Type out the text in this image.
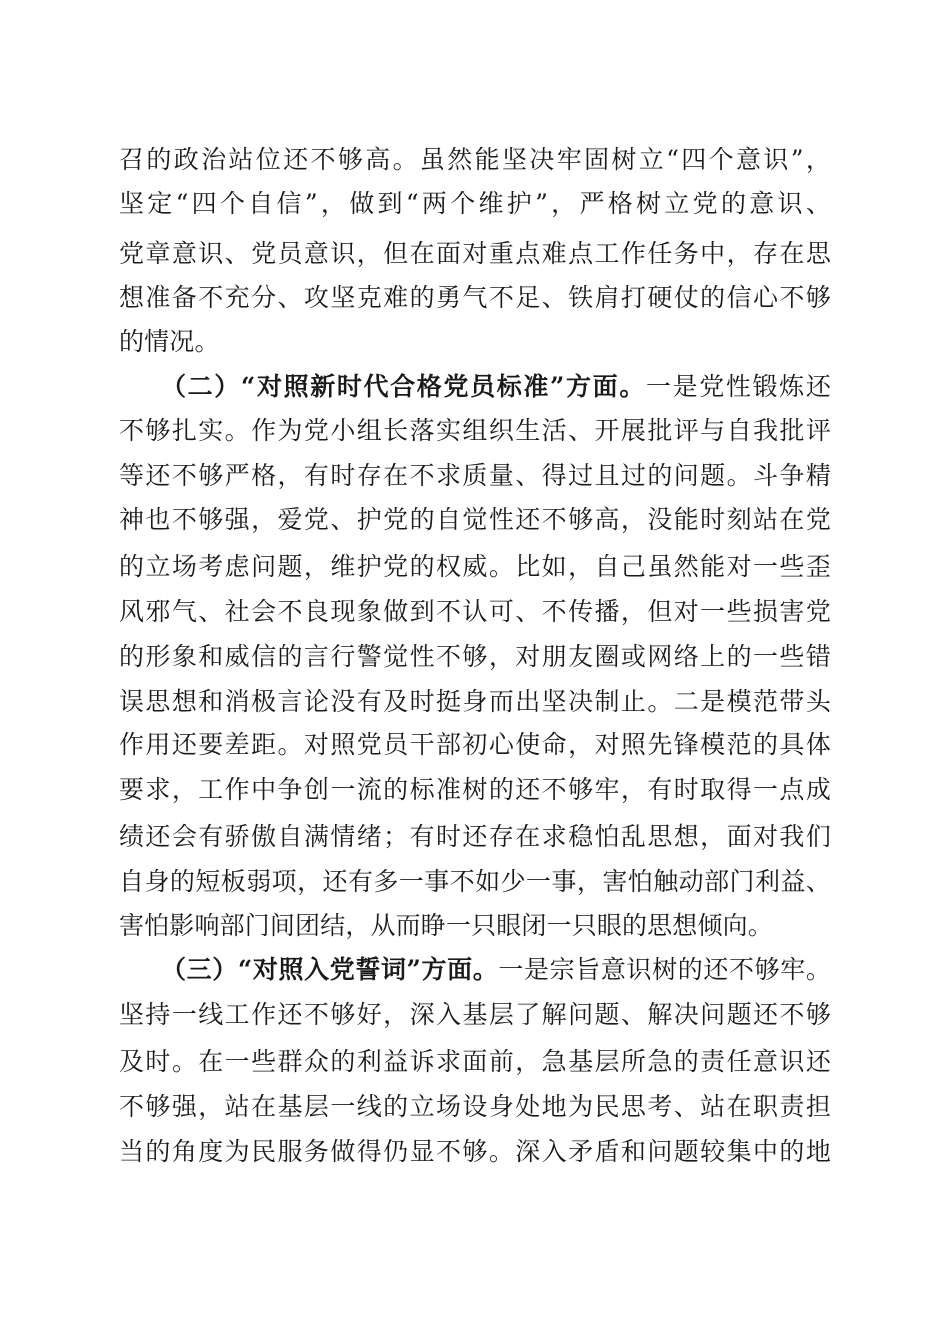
召的政治站位还不够高。虽然能坚决牢固树立“四个意识”，
坚定“四个自信”，做到“两个维护”，严格树立党的意识、
党章意识、党员意识，但在面对重点难点工作任务中，存在思
想准备不充分、攻坚克难的勇气不足、铁肩打硬仗的信心不够
的情况。
（二）“对照新时代合格党员标准”方面。一是党性锻炼还
不够扎实。作为党小组长落实组织生活、开展批评与自我批评
等还不够严格，有时存在不求质量、得过且过的问题。斗争精
神也不够强，爱党、护党的自觉性还不够高，没能时刻站在党
的立场考虑问题，维护党的权威。比如，自己虽然能对一些歪
风邪气、社会不良现象做到不认可、不传播，但对一些损害党
的形象和威信的言行警觉性不够，对朋友圈或网络上的一些错
误思想和消极言论没有及时挺身而出坚决制止。二是模范带头
作用还要差距。对照党员干部初心使命，对照先锋模范的具体
要求，工作中争创一流的标准树的还不够牢，有时取得一点成
绩还会有骄傲自满情绪；有时还存在求稳怕乱思想，面对我们
自身的短板弱项，还有多一事不如少一事，害怕触动部门利益、
害怕影响部门间团结，从而睁一只眼闭一只眼的思想倾向。
（三）“对照入党誓词”方面。一是宗旨意识树的还不够牢。
坚持一线工作还不够好，深入基层了解问题、解决问题还不够
及时。在一些群众的利益诉求面前，急基层所急的责任意识还
不够强，站在基层一线的立场设身处地为民思考、站在职责担
当的角度为民服务做得仍显不够。深入矛盾和问题较集中的地
